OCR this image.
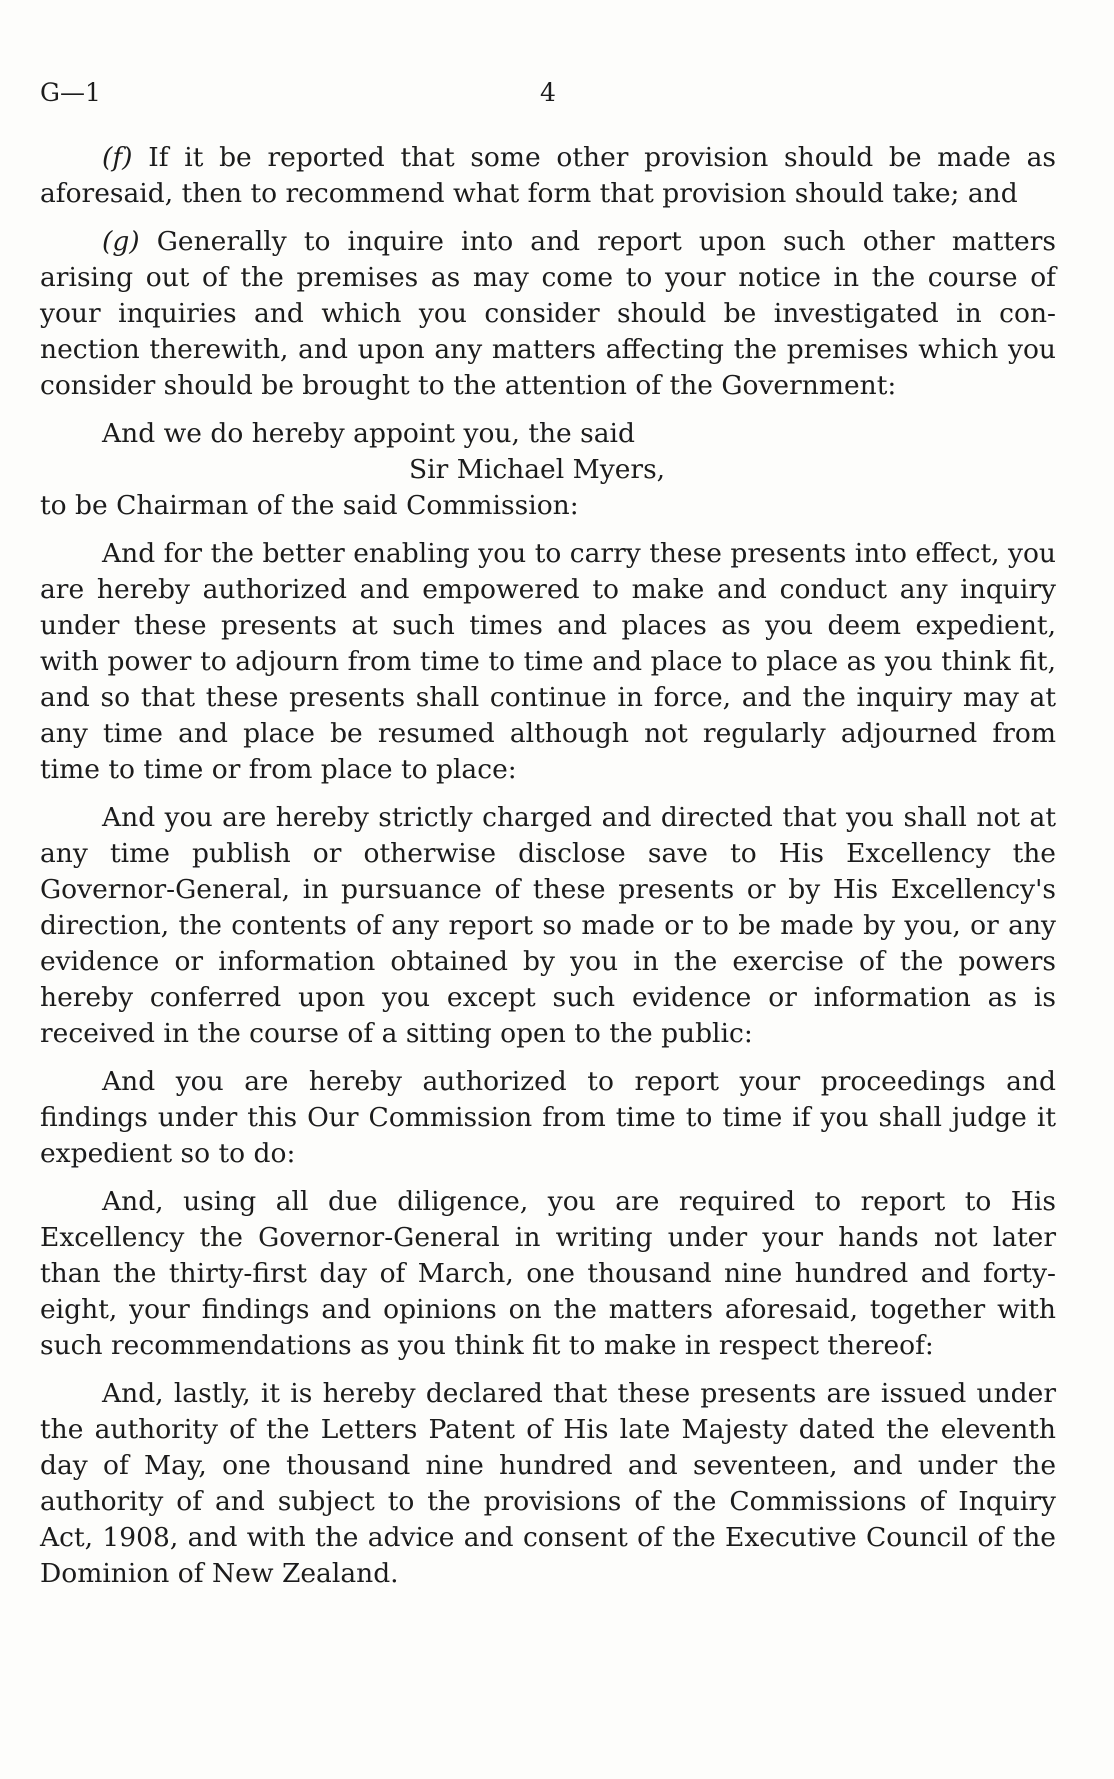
G—1	4

(f) If it be reported that some other provision should be made as aforesaid, then to recommend what form that provision should take; and

(g) Generally to inquire into and report upon such other matters arising out of the premises as may come to your notice in the course of your inquiries and which you consider should be investigated in connection therewith, and upon any matters affecting the premises which you consider should be brought to the attention of the Government:

And we do hereby appoint you, the said

Sir Michael Myers,

to be Chairman of the said Commission:

And for the better enabling you to carry these presents into effect, you are hereby authorized and empowered to make and conduct any inquiry under these presents at such times and places as you deem expedient, with power to adjourn from time to time and place to place as you think fit, and so that these presents shall continue in force, and the inquiry may at any time and place be resumed although not regularly adjourned from time to time or from place to place:

And you are hereby strictly charged and directed that you shall not at any time publish or otherwise disclose save to His Excellency the Governor-General, in pursuance of these presents or by His Excellency's direction, the contents of any report so made or to be made by you, or any evidence or information obtained by you in the exercise of the powers hereby conferred upon you except such evidence or information as is received in the course of a sitting open to the public:

And you are hereby authorized to report your proceedings and findings under this Our Commission from time to time if you shall judge it expedient so to do:

And, using all due diligence, you are required to report to His Excellency the Governor-General in writing under your hands not later than the thirty-first day of March, one thousand nine hundred and forty-eight, your findings and opinions on the matters aforesaid, together with such recommendations as you think fit to make in respect thereof:

And, lastly, it is hereby declared that these presents are issued under the authority of the Letters Patent of His late Majesty dated the eleventh day of May, one thousand nine hundred and seventeen, and under the authority of and subject to the provisions of the Commissions of Inquiry Act, 1908, and with the advice and consent of the Executive Council of the Dominion of New Zealand.
